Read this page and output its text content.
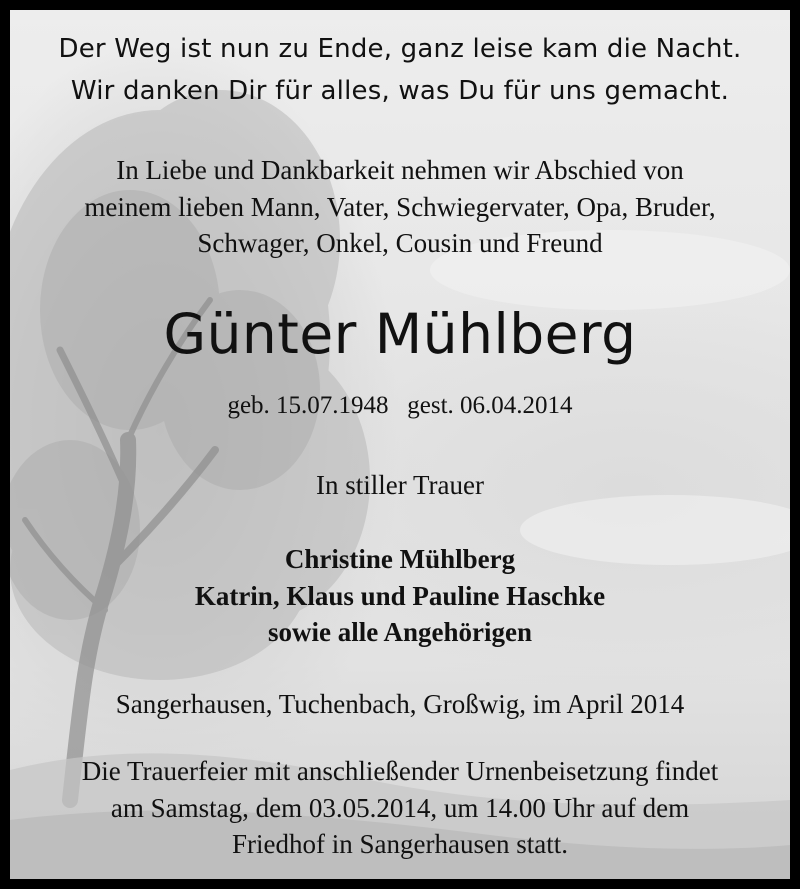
Der Weg ist nun zu Ende, ganz leise kam die Nacht.
Wir danken Dir für alles, was Du für uns gemacht.
In Liebe und Dankbarkeit nehmen wir Abschied von
meinem lieben Mann, Vater, Schwiegervater, Opa, Bruder,
Schwager, Onkel, Cousin und Freund
Günter Mühlberg
geb. 15.07.1948   gest. 06.04.2014
In stiller Trauer
Christine Mühlberg
Katrin, Klaus und Pauline Haschke
sowie alle Angehörigen
Sangerhausen, Tuchenbach, Großwig, im April 2014
Die Trauerfeier mit anschließender Urnenbeisetzung findet
am Samstag, dem 03.05.2014, um 14.00 Uhr auf dem
Friedhof in Sangerhausen statt.
